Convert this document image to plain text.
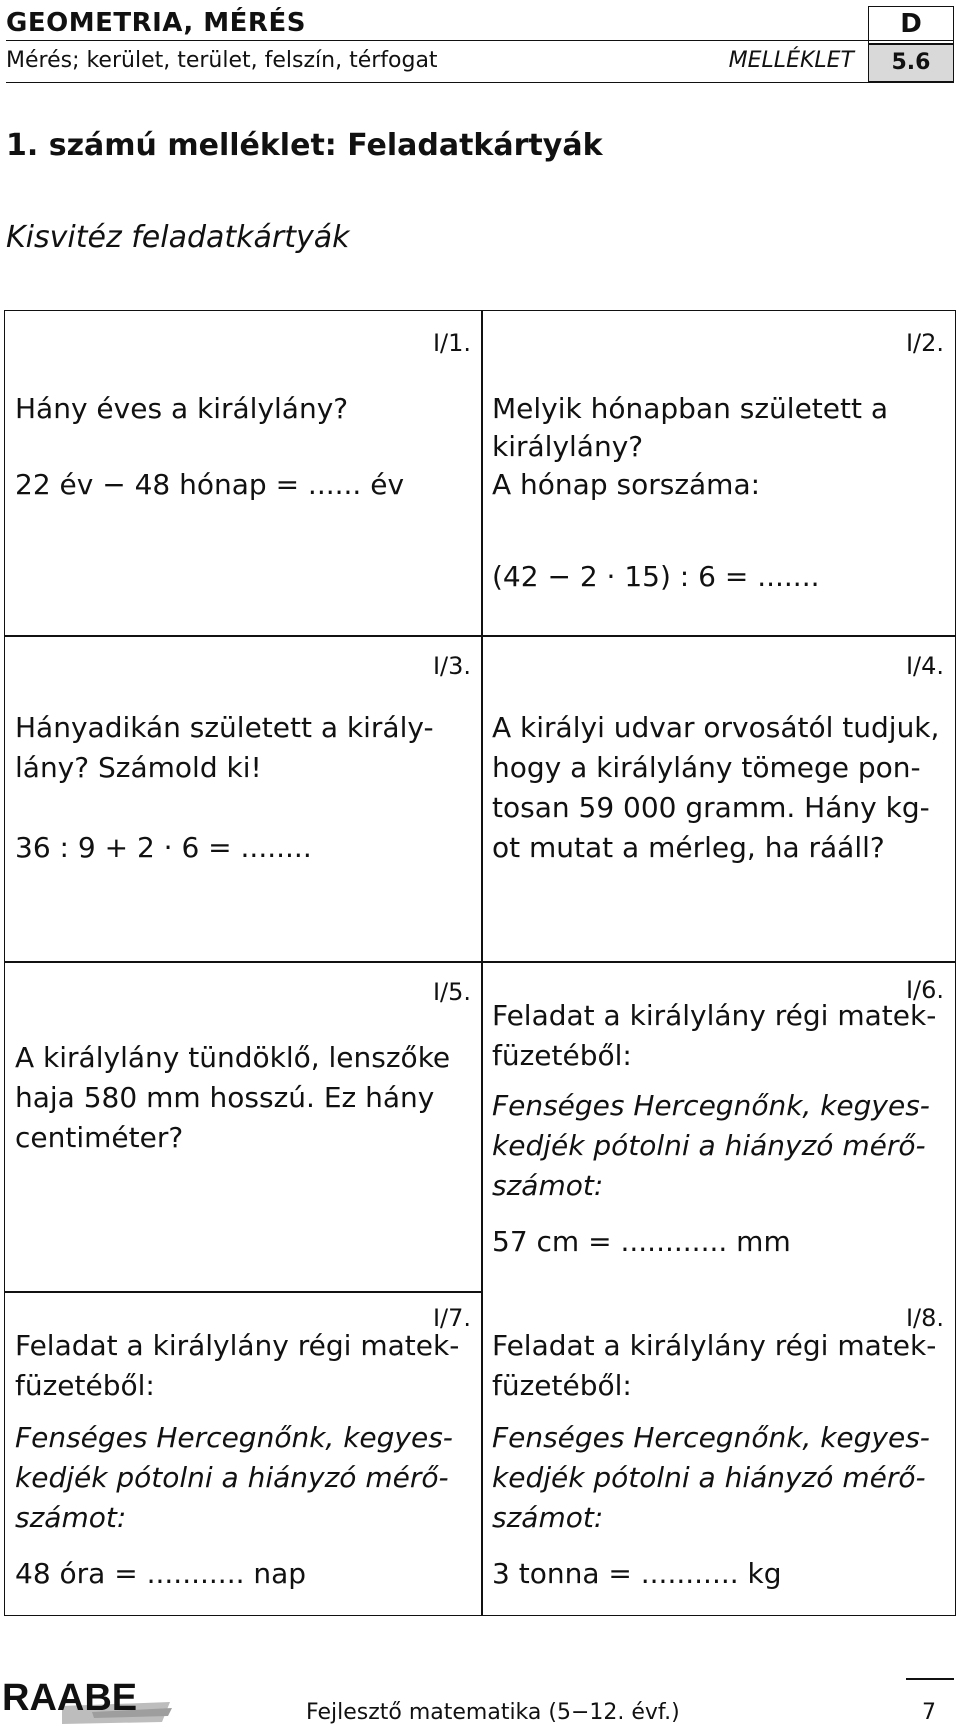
GEOMETRIA, MÉRÉS
Mérés; kerület, terület, felszín, térfogat	MELLÉKLET
D
5.6
1. számú melléklet: Feladatkártyák
Kisvitéz feladatkártyák
I/1.
Hány éves a királylány?
22 év − 48 hónap = ...... év
I/2.
Melyik hónapban született a
királylány?
A hónap sorszáma:
(42 − 2 · 15) : 6 = .......
I/3.
Hányadikán született a király-
lány? Számold ki!
36 : 9 + 2 · 6 = ........
I/4.
A királyi udvar orvosától tudjuk,
hogy a királylány tömege pon-
tosan 59 000 gramm. Hány kg-
ot mutat a mérleg, ha rááll?
I/5.
A királylány tündöklő, lenszőke
haja 580 mm hosszú. Ez hány
centiméter?
I/6.
Feladat a királylány régi matek-
füzetéből:
Fenséges Hercegnőnk, kegyes-
kedjék pótolni a hiányzó mérő-
számot:
57 cm = ............ mm
I/7.
Feladat a királylány régi matek-
füzetéből:
Fenséges Hercegnőnk, kegyes-
kedjék pótolni a hiányzó mérő-
számot:
48 óra = ........... nap
I/8.
Feladat a királylány régi matek-
füzetéből:
Fenséges Hercegnőnk, kegyes-
kedjék pótolni a hiányzó mérő-
számot:
3 tonna = ........... kg
RAABE	Fejlesztő matematika (5−12. évf.)	7
